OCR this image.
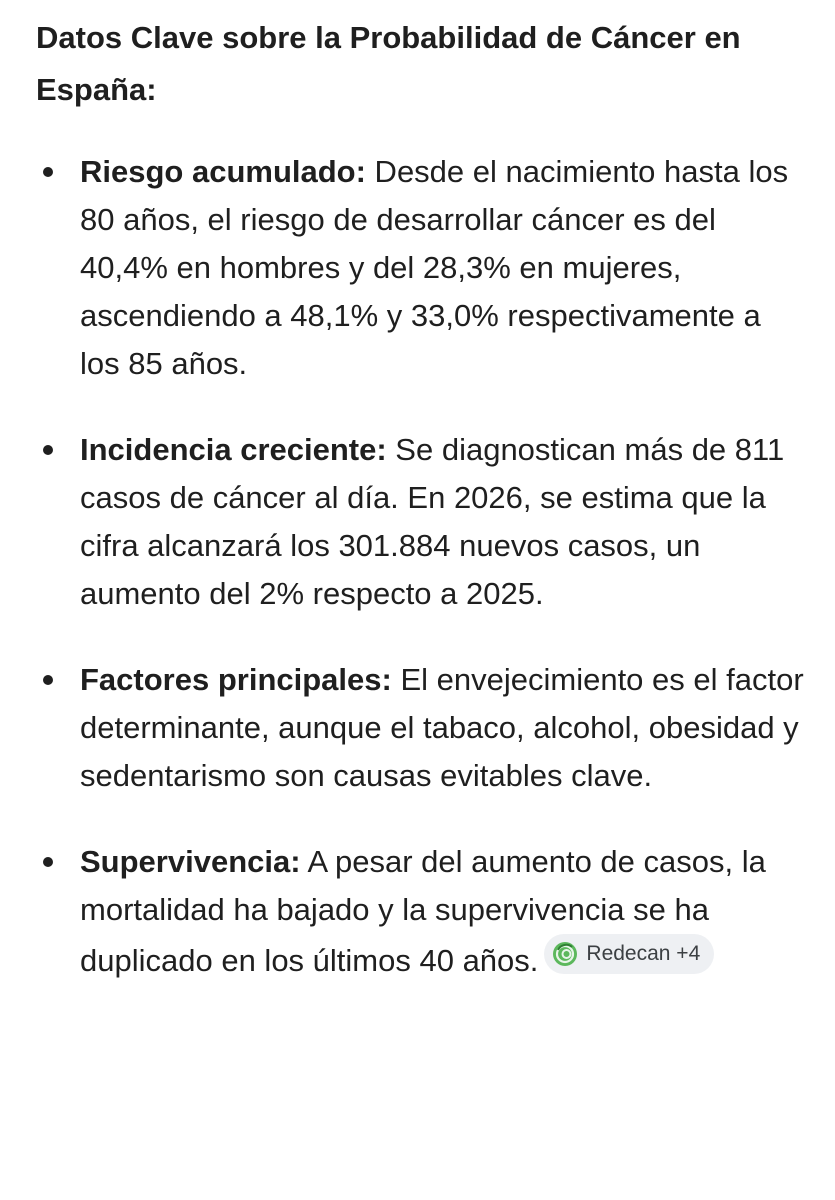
Datos Clave sobre la Probabilidad de Cáncer en España:
Riesgo acumulado: Desde el nacimiento hasta los 80 años, el riesgo de desarrollar cáncer es del 40,4% en hombres y del 28,3% en mujeres, ascendiendo a 48,1% y 33,0% respectivamente a los 85 años.
Incidencia creciente: Se diagnostican más de 811 casos de cáncer al día. En 2026, se estima que la cifra alcanzará los 301.884 nuevos casos, un aumento del 2% respecto a 2025.
Factores principales: El envejecimiento es el factor determinante, aunque el tabaco, alcohol, obesidad y sedentarismo son causas evitables clave.
Supervivencia: A pesar del aumento de casos, la mortalidad ha bajado y la supervivencia se ha duplicado en los últimos 40 años. Redecan +4
